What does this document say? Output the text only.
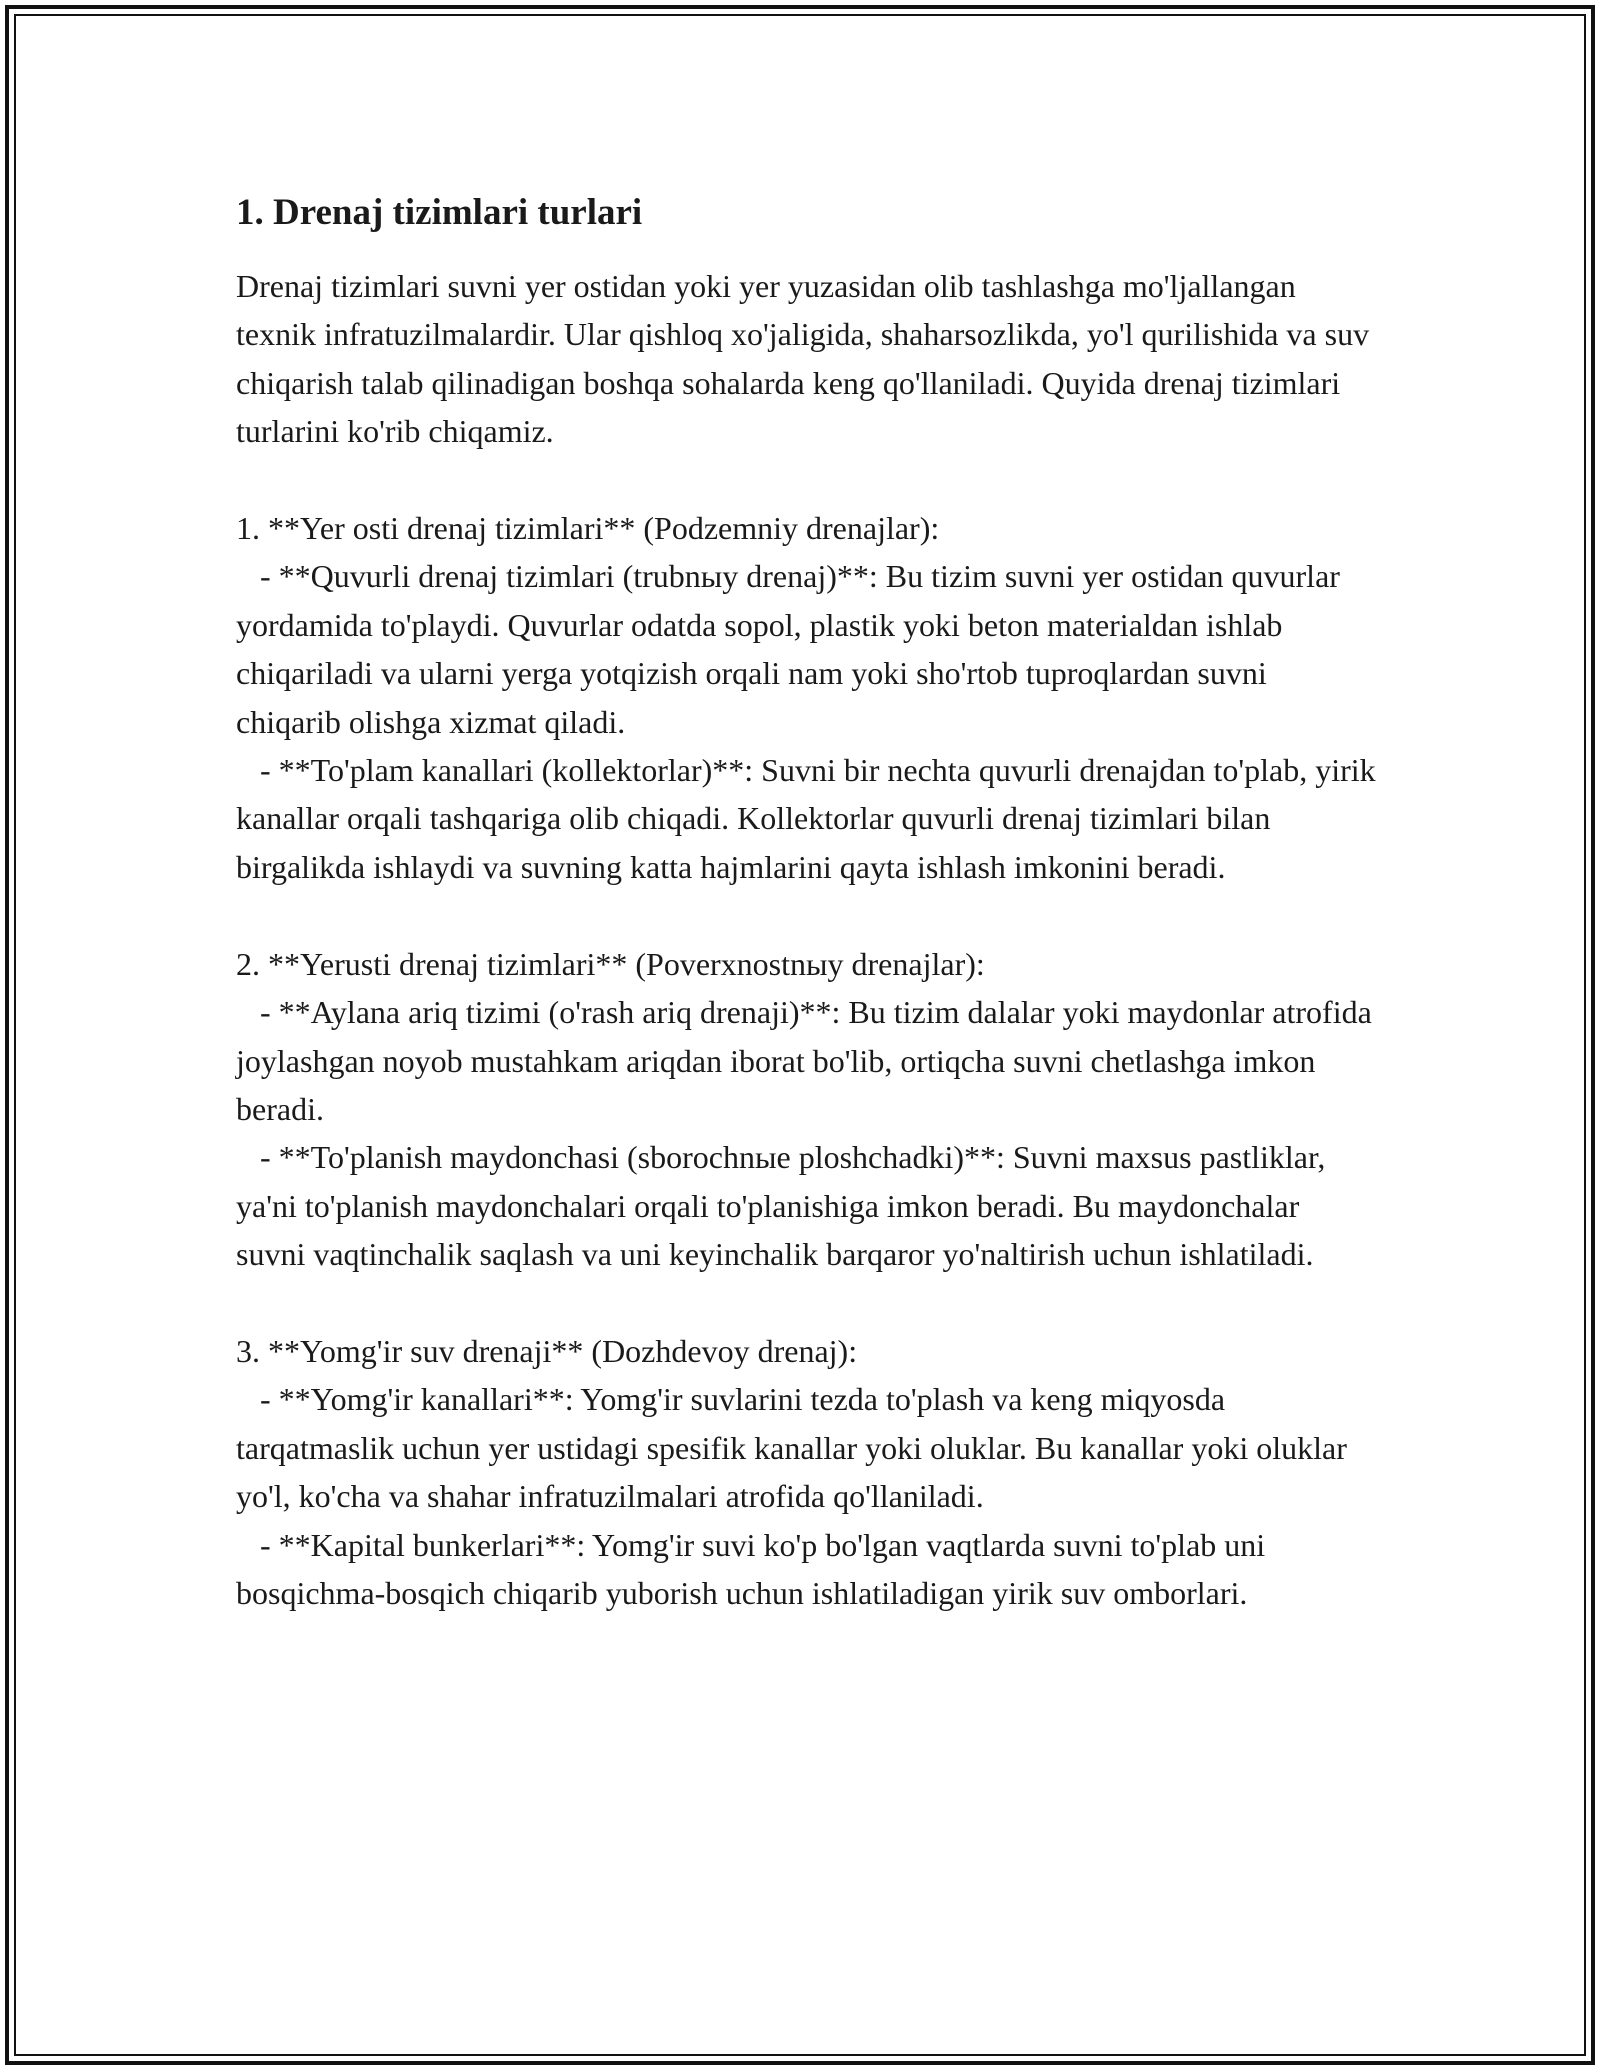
1. Drenaj tizimlari turlari

Drenaj tizimlari suvni yer ostidan yoki yer yuzasidan olib tashlashga mo'ljallangan texnik infratuzilmalardir. Ular qishloq xo'jaligida, shaharsozlikda, yo'l qurilishida va suv chiqarish talab qilinadigan boshqa sohalarda keng qo'llaniladi. Quyida drenaj tizimlari turlarini ko'rib chiqamiz.

1. **Yer osti drenaj tizimlari** (Podzemniy drenajlar):
- **Quvurli drenaj tizimlari (trubnыy drenaj)**: Bu tizim suvni yer ostidan quvurlar yordamida to'playdi. Quvurlar odatda sopol, plastik yoki beton materialdan ishlab chiqariladi va ularni yerga yotqizish orqali nam yoki sho'rtob tuproqlardan suvni chiqarib olishga xizmat qiladi.
- **To'plam kanallari (kollektorlar)**: Suvni bir nechta quvurli drenajdan to'plab, yirik kanallar orqali tashqariga olib chiqadi. Kollektorlar quvurli drenaj tizimlari bilan birgalikda ishlaydi va suvning katta hajmlarini qayta ishlash imkonini beradi.

2. **Yerusti drenaj tizimlari** (Poverxnostnыy drenajlar):
- **Aylana ariq tizimi (o'rash ariq drenaji)**: Bu tizim dalalar yoki maydonlar atrofida joylashgan noyob mustahkam ariqdan iborat bo'lib, ortiqcha suvni chetlashga imkon beradi.
- **To'planish maydonchasi (sborochnыe ploshchadki)**: Suvni maxsus pastliklar, ya'ni to'planish maydonchalari orqali to'planishiga imkon beradi. Bu maydonchalar suvni vaqtinchalik saqlash va uni keyinchalik barqaror yo'naltirish uchun ishlatiladi.

3. **Yomg'ir suv drenaji** (Dozhdevoy drenaj):
- **Yomg'ir kanallari**: Yomg'ir suvlarini tezda to'plash va keng miqyosda tarqatmaslik uchun yer ustidagi spesifik kanallar yoki oluklar. Bu kanallar yoki oluklar yo'l, ko'cha va shahar infratuzilmalari atrofida qo'llaniladi.
- **Kapital bunkerlari**: Yomg'ir suvi ko'p bo'lgan vaqtlarda suvni to'plab uni bosqichma-bosqich chiqarib yuborish uchun ishlatiladigan yirik suv omborlari.
